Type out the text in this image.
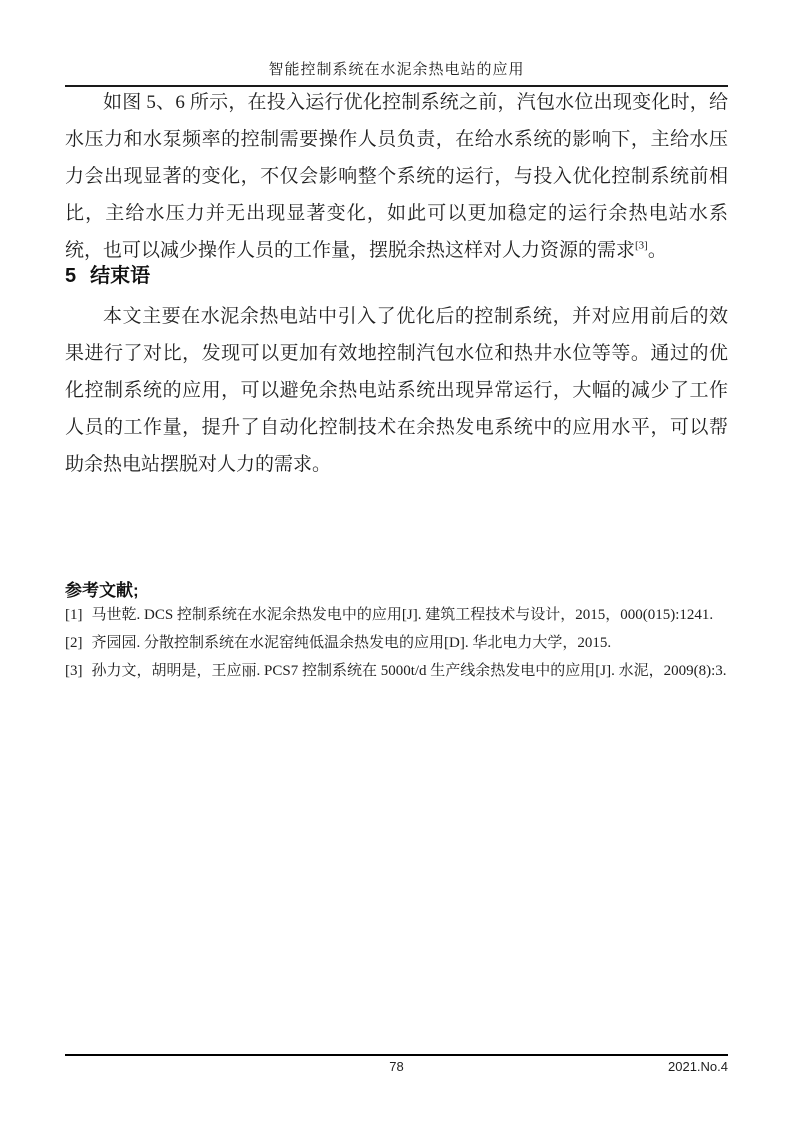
智能控制系统在水泥余热电站的应用

如图 5、6 所示，在投入运行优化控制系统之前，汽包水位出现变化时，给水压力和水泵频率的控制需要操作人员负责，在给水系统的影响下，主给水压力会出现显著的变化，不仅会影响整个系统的运行，与投入优化控制系统前相比，主给水压力并无出现显著变化，如此可以更加稳定的运行余热电站水系统，也可以减少操作人员的工作量，摆脱余热这样对人力资源的需求[3]。

5 结束语

本文主要在水泥余热电站中引入了优化后的控制系统，并对应用前后的效果进行了对比，发现可以更加有效地控制汽包水位和热井水位等等。通过的优化控制系统的应用，可以避免余热电站系统出现异常运行，大幅的减少了工作人员的工作量，提升了自动化控制技术在余热发电系统中的应用水平，可以帮助余热电站摆脱对人力的需求。

参考文献;
[1] 马世乾. DCS 控制系统在水泥余热发电中的应用[J]. 建筑工程技术与设计，2015，000(015):1241.
[2] 齐园园. 分散控制系统在水泥窑纯低温余热发电的应用[D]. 华北电力大学，2015.
[3] 孙力文，胡明是，王应丽. PCS7 控制系统在 5000t/d 生产线余热发电中的应用[J]. 水泥，2009(8):3.
78	2021.No.4
